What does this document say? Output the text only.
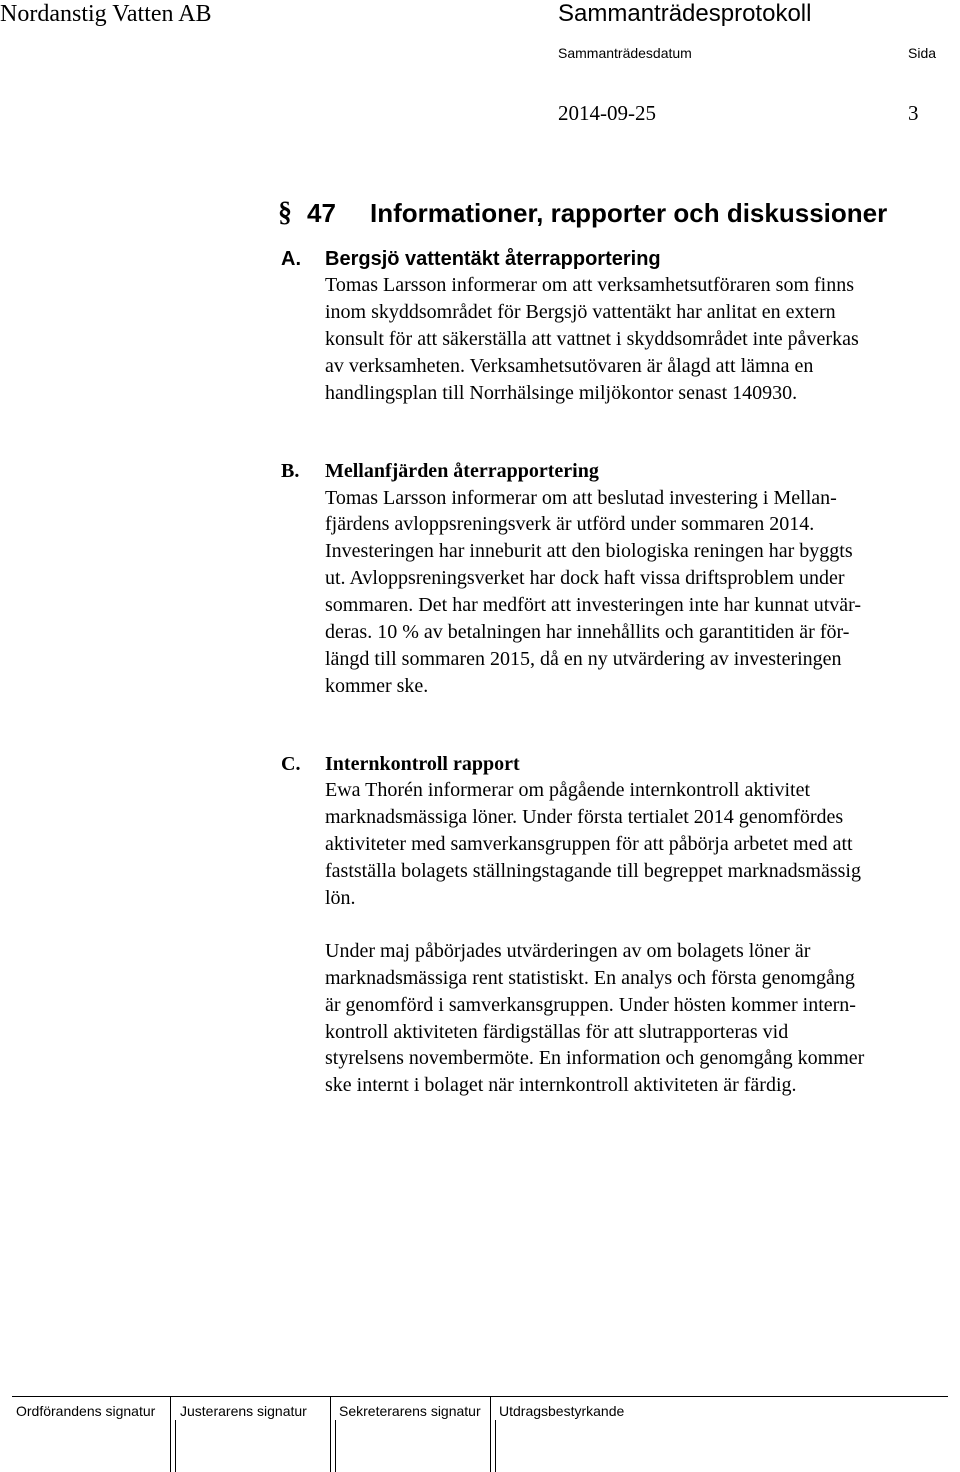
Nordanstig Vatten AB	Sammanträdesprotokoll
Sammanträdesdatum	Sida
2014-09-25	3
§ 47 Informationer, rapporter och diskussioner
A. Bergsjö vattentäkt återrapportering
Tomas Larsson informerar om att verksamhetsutföraren som finns
inom skyddsområdet för Bergsjö vattentäkt har anlitat en extern
konsult för att säkerställa att vattnet i skyddsområdet inte påverkas
av verksamheten. Verksamhetsutövaren är ålagd att lämna en
handlingsplan till Norrhälsinge miljökontor senast 140930.
B. Mellanfjärden återrapportering
Tomas Larsson informerar om att beslutad investering i Mellan-
fjärdens avloppsreningsverk är utförd under sommaren 2014.
Investeringen har inneburit att den biologiska reningen har byggts
ut. Avloppsreningsverket har dock haft vissa driftsproblem under
sommaren. Det har medfört att investeringen inte har kunnat utvär-
deras. 10 % av betalningen har innehållits och garantitiden är för-
längd till sommaren 2015, då en ny utvärdering av investeringen
kommer ske.
C. Internkontroll rapport
Ewa Thorén informerar om pågående internkontroll aktivitet
marknadsmässiga löner. Under första tertialet 2014 genomfördes
aktiviteter med samverkansgruppen för att påbörja arbetet med att
fastställa bolagets ställningstagande till begreppet marknadsmässig
lön.
Under maj påbörjades utvärderingen av om bolagets löner är
marknadsmässiga rent statistiskt. En analys och första genomgång
är genomförd i samverkansgruppen. Under hösten kommer intern-
kontroll aktiviteten färdigställas för att slutrapporteras vid
styrelsens novembermöte. En information och genomgång kommer
ske internt i bolaget när internkontroll aktiviteten är färdig.
Ordförandens signatur Justerarens signatur Sekreterarens signatur Utdragsbestyrkande
